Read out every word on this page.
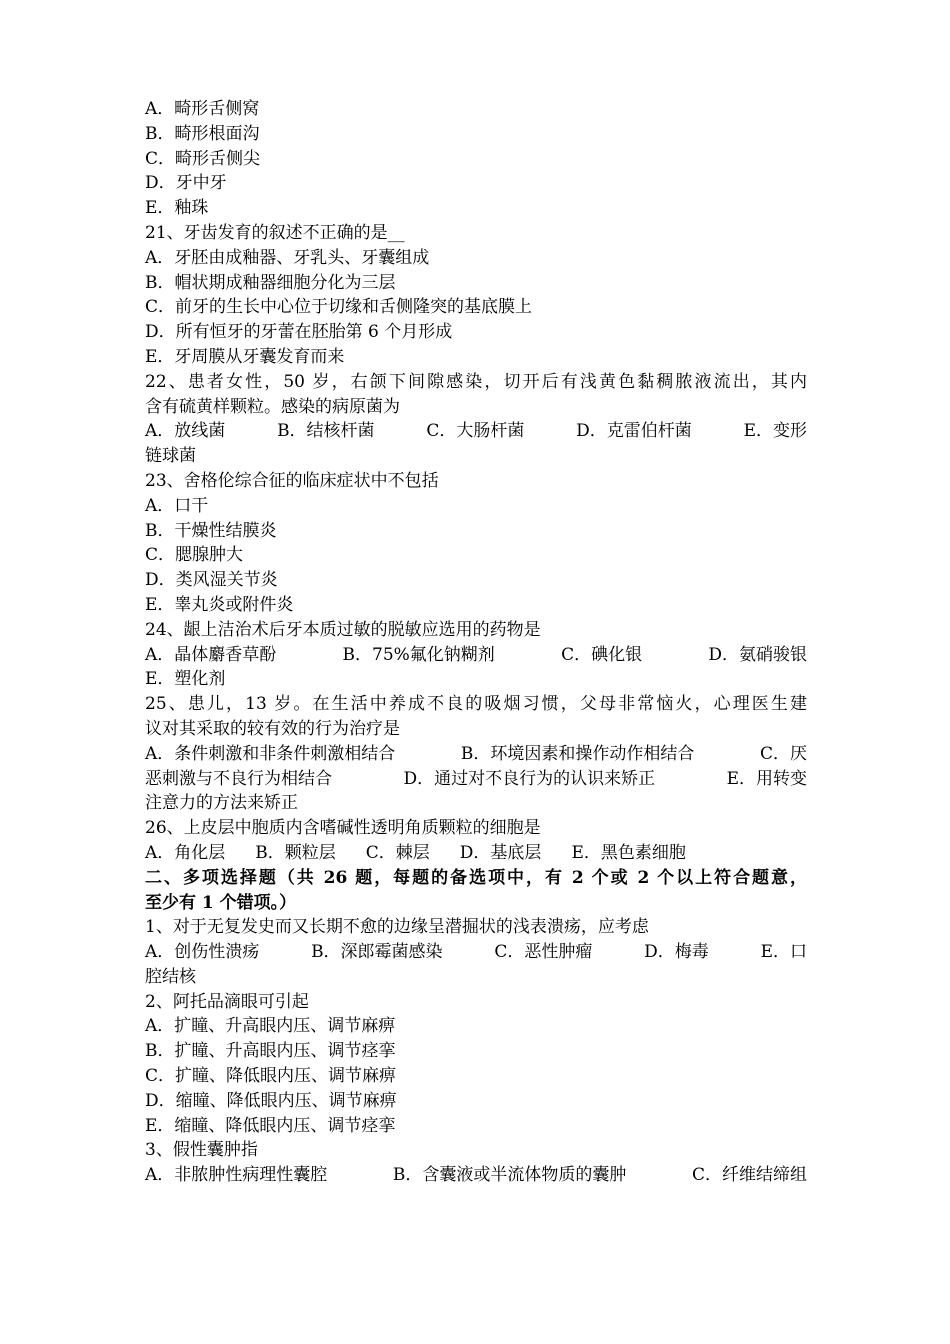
A．畸形舌侧窝
B．畸形根面沟
C．畸形舌侧尖
D．牙中牙
E．釉珠
21、牙齿发育的叙述不正确的是__
A．牙胚由成釉器、牙乳头、牙囊组成
B．帽状期成釉器细胞分化为三层
C．前牙的生长中心位于切缘和舌侧隆突的基底膜上
D．所有恒牙的牙蕾在胚胎第 6 个月形成
E．牙周膜从牙囊发育而来
22、患者女性，50 岁，右颌下间隙感染，切开后有浅黄色黏稠脓液流出，其内
含有硫黄样颗粒。感染的病原菌为
A．放线菌	B．结核杆菌	C．大肠杆菌	D．克雷伯杆菌	E．变形
链球菌
23、舍格伦综合征的临床症状中不包括
A．口干
B．干燥性结膜炎
C．腮腺肿大
D．类风湿关节炎
E．睾丸炎或附件炎
24、龈上洁治术后牙本质过敏的脱敏应选用的药物是
A．晶体麝香草酚	B．75%氟化钠糊剂	C．碘化银	D．氨硝骏银
E．塑化剂
25、患儿，13 岁。在生活中养成不良的吸烟习惯，父母非常恼火，心理医生建
议对其采取的较有效的行为治疗是
A．条件刺激和非条件刺激相结合	B．环境因素和操作动作相结合	C．厌
恶刺激与不良行为相结合	D．通过对不良行为的认识来矫正	E．用转变
注意力的方法来矫正
26、上皮层中胞质内含嗜碱性透明角质颗粒的细胞是
A．角化层 B．颗粒层 C．棘层 D．基底层 E．黑色素细胞
二、多项选择题（共 26 题，每题的备选项中，有 2 个或 2 个以上符合题意，
至少有 1 个错项。）
1、对于无复发史而又长期不愈的边缘呈潜掘状的浅表溃疡，应考虑
A．创伤性溃疡	B．深郎霉菌感染	C．恶性肿瘤	D．梅毒	E．口
腔结核
2、阿托品滴眼可引起
A．扩瞳、升高眼内压、调节麻痹
B．扩瞳、升高眼内压、调节痉挛
C．扩瞳、降低眼内压、调节麻痹
D．缩瞳、降低眼内压、调节麻痹
E．缩瞳、降低眼内压、调节痉挛
3、假性囊肿指
A．非脓肿性病理性囊腔	B．含囊液或半流体物质的囊肿	C．纤维结缔组
